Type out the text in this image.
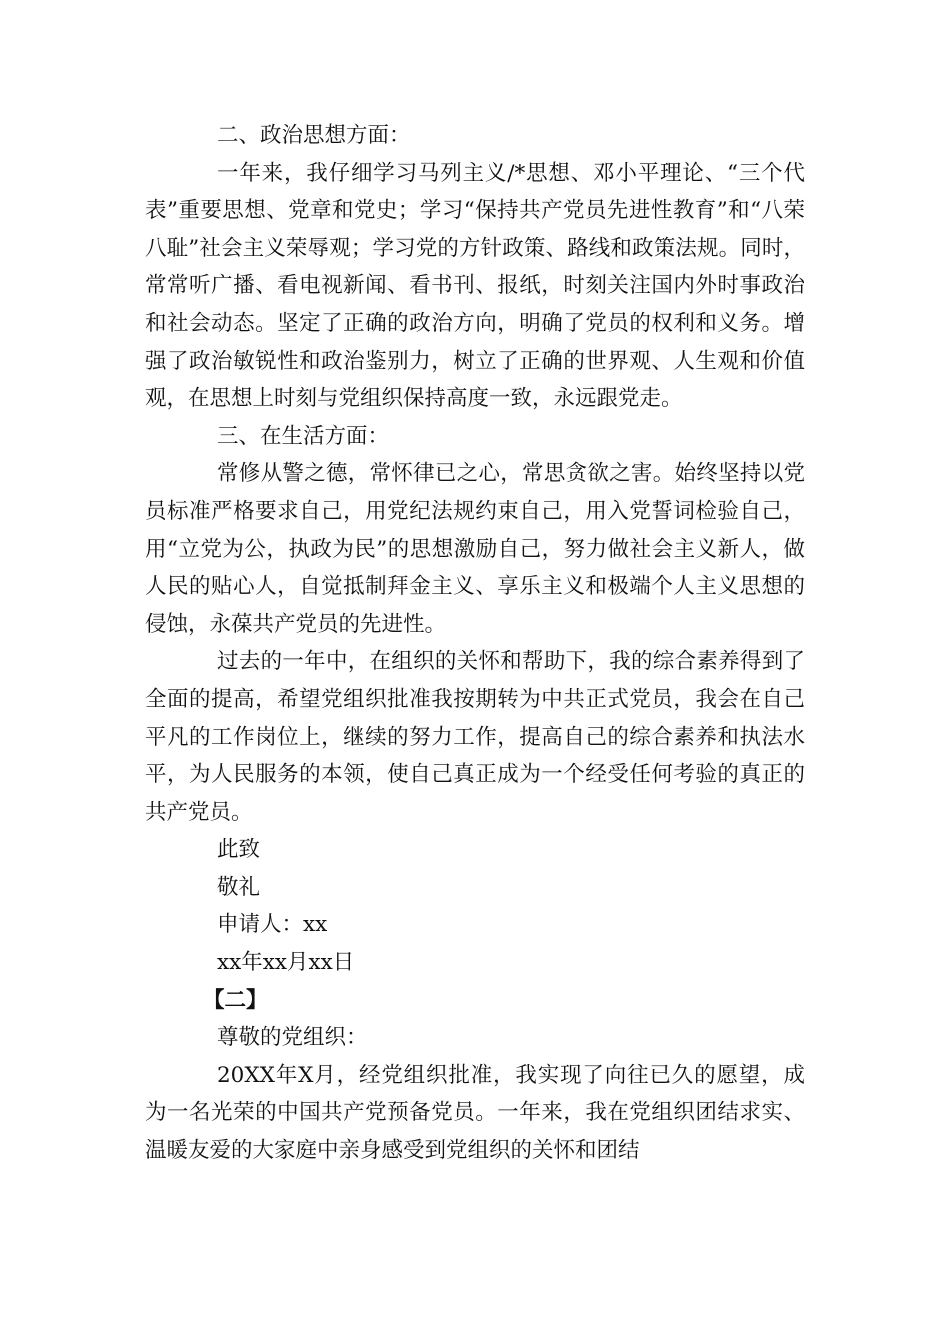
二、政治思想方面：

一年来，我仔细学习马列主义/*思想、邓小平理论、“三个代表”重要思想、党章和党史；学习“保持共产党员先进性教育”和“八荣八耻”社会主义荣辱观；学习党的方针政策、路线和政策法规。同时，常常听广播、看电视新闻、看书刊、报纸，时刻关注国内外时事政治和社会动态。坚定了正确的政治方向，明确了党员的权利和义务。增强了政治敏锐性和政治鉴别力，树立了正确的世界观、人生观和价值观，在思想上时刻与党组织保持高度一致，永远跟党走。

三、在生活方面：

常修从警之德，常怀律已之心，常思贪欲之害。始终坚持以党员标准严格要求自己，用党纪法规约束自己，用入党誓词检验自己，用“立党为公，执政为民”的思想激励自己，努力做社会主义新人，做人民的贴心人，自觉抵制拜金主义、享乐主义和极端个人主义思想的侵蚀，永葆共产党员的先进性。

过去的一年中，在组织的关怀和帮助下，我的综合素养得到了全面的提高，希望党组织批准我按期转为中共正式党员，我会在自己平凡的工作岗位上，继续的努力工作，提高自己的综合素养和执法水平，为人民服务的本领，使自己真正成为一个经受任何考验的真正的共产党员。

此致

敬礼

申请人：xx

xx年xx月xx日

【二】

尊敬的党组织：

20XX年X月，经党组织批准，我实现了向往已久的愿望，成为一名光荣的中国共产党预备党员。一年来，我在党组织团结求实、温暖友爱的大家庭中亲身感受到党组织的关怀和团结
